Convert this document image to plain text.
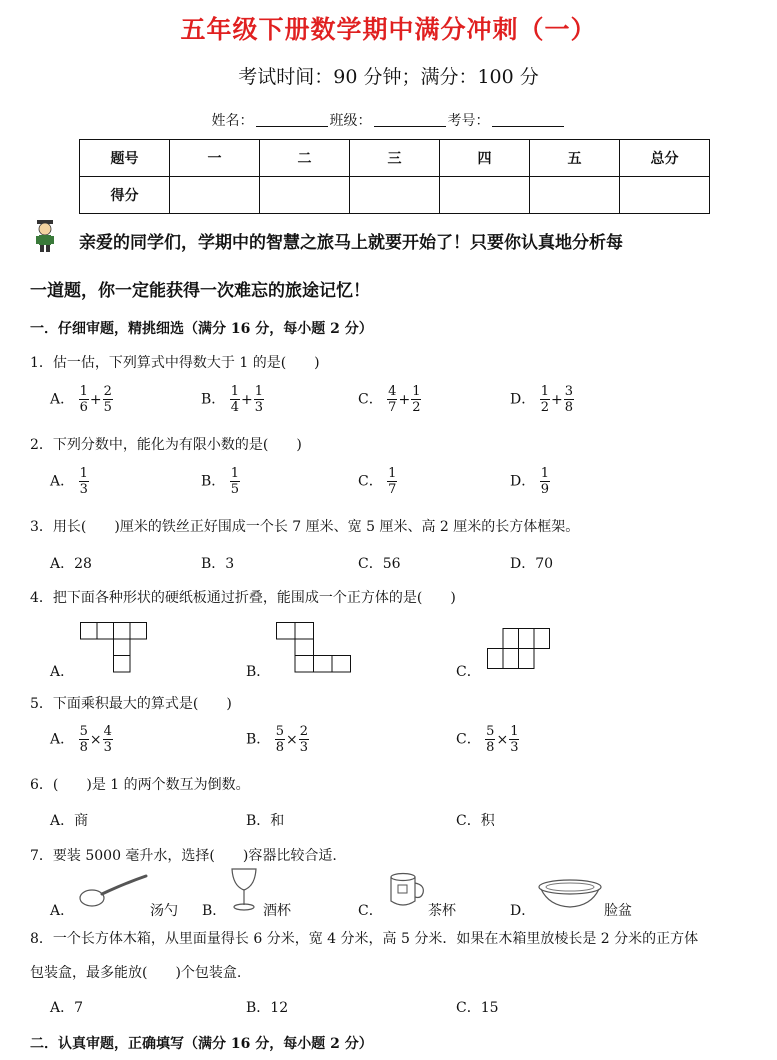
五年级下册数学期中满分冲刺（一）
考试时间：90 分钟；满分：100 分
姓名：	班级：	考号：
题号	一	二	三	四	五	总分
得分						
亲爱的同学们，学期中的智慧之旅马上就要开始了！只要你认真地分析每
一道题，你一定能获得一次难忘的旅途记忆！
一．仔细审题，精挑细选（满分 16 分，每小题 2 分）
1．估一估，下列算式中得数大于 1 的是(　　)
A． $\frac{1}{6} + \frac{2}{5}$	B． $\frac{1}{4} + \frac{1}{3}$	C． $\frac{4}{7} + \frac{1}{2}$	D． $\frac{1}{2} + \frac{3}{8}$
2．下列分数中，能化为有限小数的是(　　)
A． $\frac{1}{3}$	B． $\frac{1}{5}$	C． $\frac{1}{7}$	D． $\frac{1}{9}$
3．用长(　　)厘米的铁丝正好围成一个长 7 厘米、宽 5 厘米、高 2 厘米的长方体框架。
A．28	B．3	C．56	D．70
4．把下面各种形状的硬纸板通过折叠，能围成一个正方体的是(　　)
A．	B．	C．
5．下面乘积最大的算式是(　　)
A． $\frac{5}{8} \times \frac{4}{3}$	B． $\frac{5}{8} \times \frac{2}{3}$	C． $\frac{5}{8} \times \frac{1}{3}$
6．(　　)是 1 的两个数互为倒数。
A．商	B．和	C．积
7．要装 5000 毫升水，选择(　　)容器比较合适.
A．	汤勺 B．	酒杯	C．	茶杯	D．	脸盆
8．一个长方体木箱，从里面量得长 6 分米，宽 4 分米，高 5 分米．如果在木箱里放棱长是 2 分米的正方体
包装盒，最多能放(　　)个包装盒.
A．7	B．12	C．15
二．认真审题，正确填写（满分 16 分，每小题 2 分）
